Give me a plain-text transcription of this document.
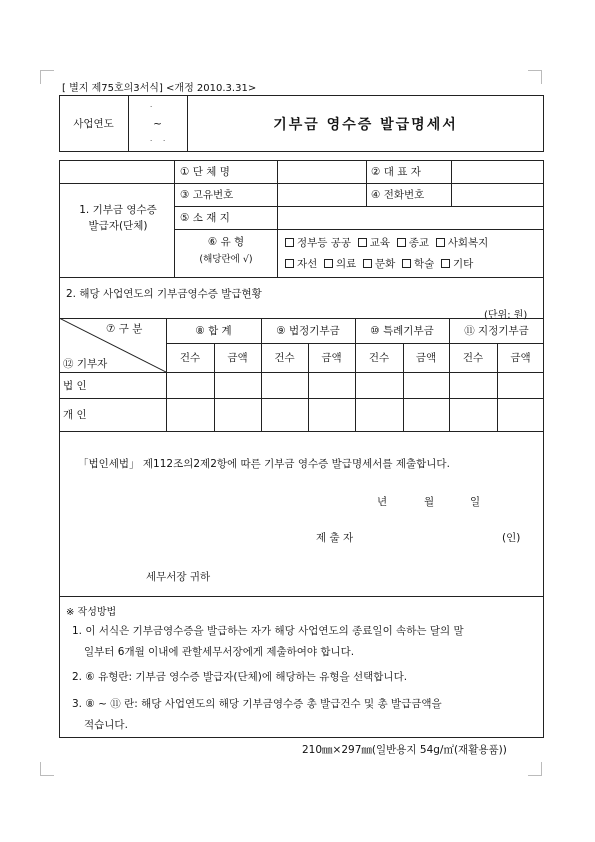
[ 별지 제75호의3서식] <개정 2010.3.31>
사업연도	~
·
· ·
기부금 영수증 발급명세서
1. 기부금 영수증
발급자(단체)
① 단 체 명	② 대 표 자
③ 고유번호	④ 전화번호
⑤ 소 재 지
⑥ 유 형
(해당란에 √)
정부등 공공 교육 종교 사회복지
자선 의료 문화 학술 기타
2. 해당 사업연도의 기부금영수증 발급현황
(단위: 원)
⑦ 구 분
⑫ 기부자
⑧ 합 계	⑨ 법정기부금	⑩ 특례기부금	⑪ 지정기부금
건수	금액	건수	금액	건수	금액	건수	금액
법 인
개 인
「법인세법」 제112조의2제2항에 따른 기부금 영수증 발급명세서를 제출합니다.
년	월	일
제 출 자	(인)
세무서장 귀하
※ 작성방법
1. 이 서식은 기부금영수증을 발급하는 자가 해당 사업연도의 종료일이 속하는 달의 말
일부터 6개월 이내에 관할세무서장에게 제출하여야 합니다.
2. ⑥ 유형란: 기부금 영수증 발급자(단체)에 해당하는 유형을 선택합니다.
3. ⑧ ~ ⑪ 란: 해당 사업연도의 해당 기부금영수증 총 발급건수 및 총 발급금액을
적습니다.
210㎜×297㎜(일반용지 54g/㎡(재활용품))
